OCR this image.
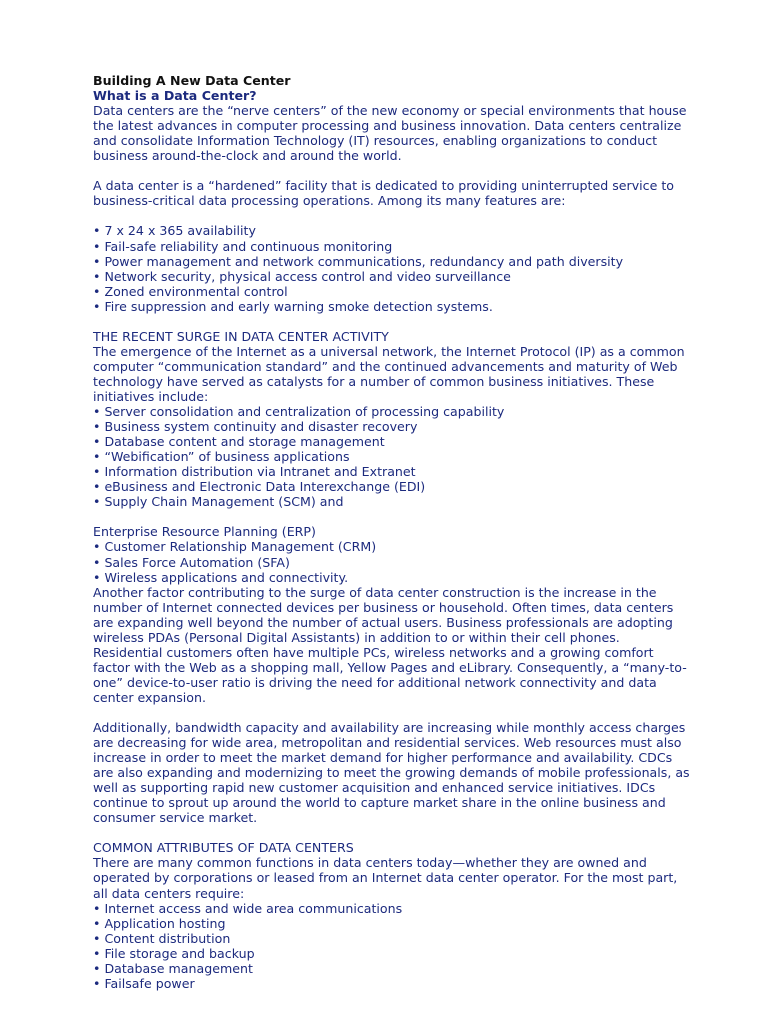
Building A New Data Center
What is a Data Center?

Data centers are the “nerve centers” of the new economy or special environments that house the latest advances in computer processing and business innovation. Data centers centralize and consolidate Information Technology (IT) resources, enabling organizations to conduct business around-the-clock and around the world.

A data center is a “hardened” facility that is dedicated to providing uninterrupted service to business-critical data processing operations. Among its many features are:

• 7 x 24 x 365 availability
• Fail-safe reliability and continuous monitoring
• Power management and network communications, redundancy and path diversity
• Network security, physical access control and video surveillance
• Zoned environmental control
• Fire suppression and early warning smoke detection systems.
THE RECENT SURGE IN DATA CENTER ACTIVITY

The emergence of the Internet as a universal network, the Internet Protocol (IP) as a common computer “communication standard” and the continued advancements and maturity of Web technology have served as catalysts for a number of common business initiatives. These initiatives include:

• Server consolidation and centralization of processing capability
• Business system continuity and disaster recovery
• Database content and storage management
• “Webification” of business applications
• Information distribution via Intranet and Extranet
• eBusiness and Electronic Data Interexchange (EDI)
• Supply Chain Management (SCM) and
Enterprise Resource Planning (ERP)
• Customer Relationship Management (CRM)
• Sales Force Automation (SFA)
• Wireless applications and connectivity.

Another factor contributing to the surge of data center construction is the increase in the number of Internet connected devices per business or household. Often times, data centers are expanding well beyond the number of actual users. Business professionals are adopting wireless PDAs (Personal Digital Assistants) in addition to or within their cell phones. Residential customers often have multiple PCs, wireless networks and a growing comfort factor with the Web as a shopping mall, Yellow Pages and eLibrary. Consequently, a “many-to-one” device-to-user ratio is driving the need for additional network connectivity and data center expansion.

Additionally, bandwidth capacity and availability are increasing while monthly access charges are decreasing for wide area, metropolitan and residential services. Web resources must also increase in order to meet the market demand for higher performance and availability. CDCs are also expanding and modernizing to meet the growing demands of mobile professionals, as well as supporting rapid new customer acquisition and enhanced service initiatives. IDCs continue to sprout up around the world to capture market share in the online business and consumer service market.

COMMON ATTRIBUTES OF DATA CENTERS

There are many common functions in data centers today—whether they are owned and operated by corporations or leased from an Internet data center operator. For the most part, all data centers require:

• Internet access and wide area communications
• Application hosting
• Content distribution
• File storage and backup
• Database management
• Failsafe power
